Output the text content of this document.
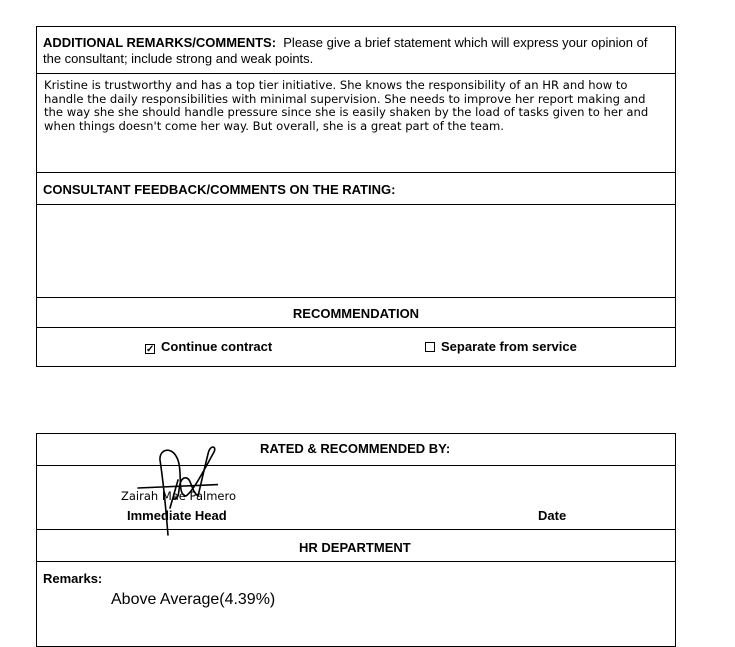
ADDITIONAL REMARKS/COMMENTS: Please give a brief statement which will express your opinion of
the consultant; include strong and weak points.
Kristine is trustworthy and has a top tier initiative. She knows the responsibility of an HR and how to handle the daily responsibilities with minimal supervision. She needs to improve her report making and the way she she should handle pressure since she is easily shaken by the load of tasks given to her and when things doesn't come her way. But overall, she is a great part of the team.
CONSULTANT FEEDBACK/COMMENTS ON THE RATING:
RECOMMENDATION
✓ Continue contract	Separate from service
RATED & RECOMMENDED BY:
Zairah Mae Palmero
Immediate Head	Date
HR DEPARTMENT
Remarks:
Above Average(4.39%)
